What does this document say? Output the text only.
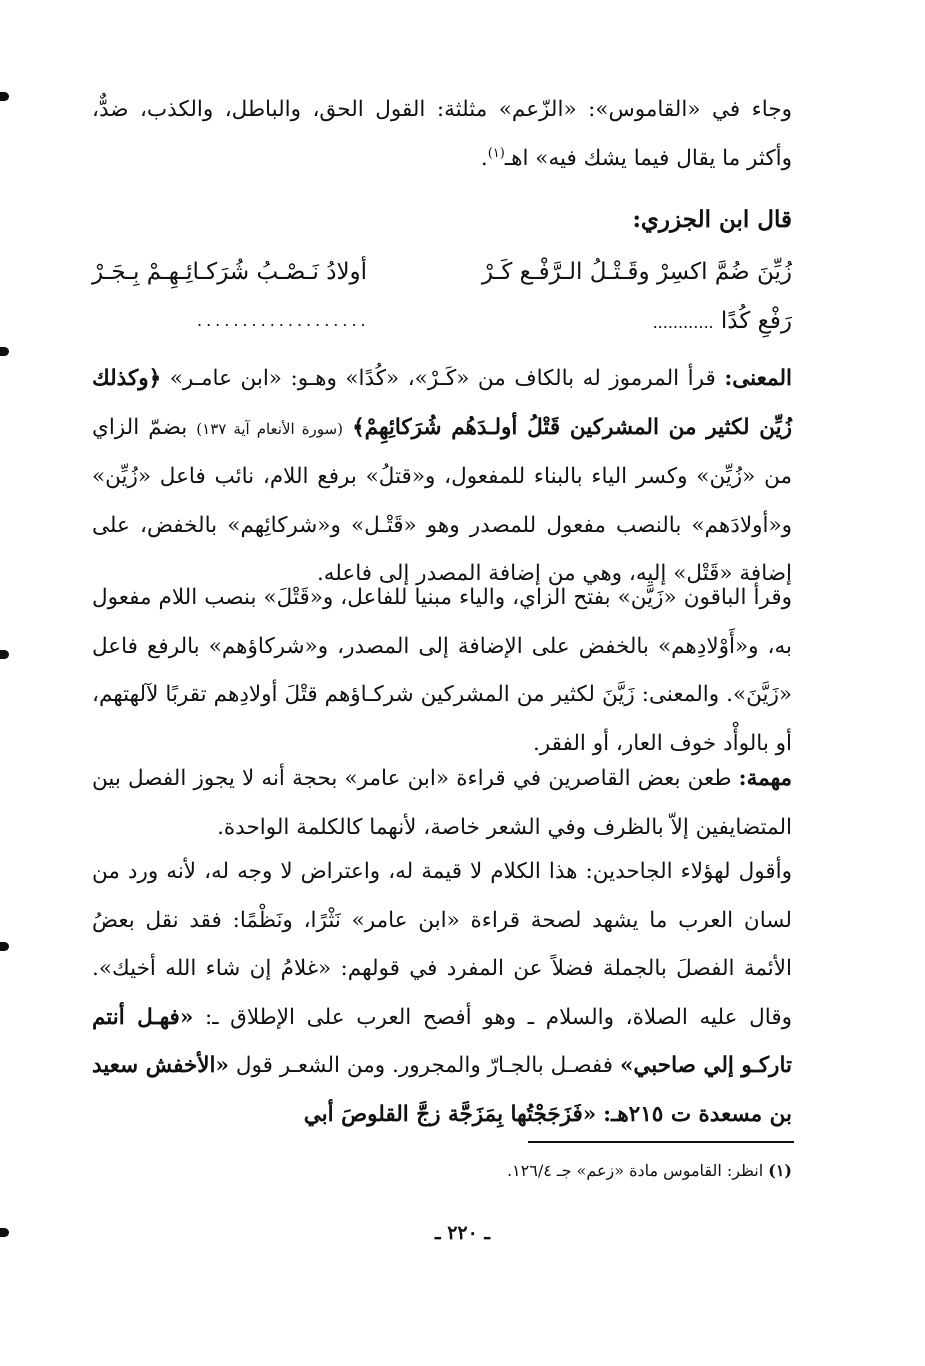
وجاء في «القاموس»: «الزّعم» مثلثة: القول الحق، والباطل، والكذب، ضدٌّ، وأكثر ما يقال فيما يشك فيه» اهـ$^{(١)}$.

قال ابن الجزري:
زُيِّنَ ضُمَّ اكسِرْ وقَـتْـلُ الـرَّفْـع كَـرْ
أولادُ نَـصْـبُ شُرَكـائِـهِـمْ بِـجَـرْ
رَفْعِ كُدًا ............
...................
المعنى: قرأ المرموز له بالكاف من «كَـرْ»، «كُدًا» وهـو: «ابن عامـر» ﴿وكذلك زُيِّن لكثير من المشركين قَتْلُ أولـدَهُم شُرَكائِهِمْ﴾ (سورة الأنعام آية ١٣٧) بضمّ الزاي من «زُيِّن» وكسر الياء بالبناء للمفعول، و«قتلُ» برفع اللام، نائب فاعل «زُيِّن» و«أولادَهم» بالنصب مفعول للمصدر وهو «قَتْـل» و«شركائِهم» بالخفض، على إضافة «قَتْل» إليه، وهي من إضافة المصدر إلى فاعله.

وقرأ الباقون «زَيَّن» بفتح الزاي، والياء مبنيا للفاعل، و«قَتْلَ» بنصب اللام مفعول به، و«أَوْلادِهم» بالخفض على الإضافة إلى المصدر، و«شركاؤهم» بالرفع فاعل «زَيَّنَ». والمعنى: زَيَّنَ لكثير من المشركين شركـاؤهم قتْلَ أولادِهم تقربًا لآلهتهم، أو بالوأْد خوف العار، أو الفقر.

مهمة: طعن بعض القاصرين في قراءة «ابن عامر» بحجة أنه لا يجوز الفصل بين المتضايفين إلاّ بالظرف وفي الشعر خاصة، لأنهما كالكلمة الواحدة.
وأقول لهؤلاء الجاحدين: هذا الكلام لا قيمة له، واعتراض لا وجه له، لأنه ورد من لسان العرب ما يشهد لصحة قراءة «ابن عامر» نَثْرًا، ونَظْمًا: فقد نقل بعضُ الأئمة الفصلَ بالجملة فضلاً عن المفرد في قولهم: «غلامُ إن شاء الله أخيك». وقال عليه الصلاة، والسلام ـ وهو أفصح العرب على الإطلاق ـ: «فهـل أنتم تاركـو إلي صاحبي» ففصـل بالجـارّ والمجرور. ومن الشعـر قول «الأخفش سعيد بن مسعدة ت ٢١٥هـ: «فَزَجَجْتُها بِمَزَجَّة زجَّ القلوصَ أبي
(١) انظر: القاموس مادة «زعم» جـ ١٢٦/٤.
ـ ٢٢٠ ـ
